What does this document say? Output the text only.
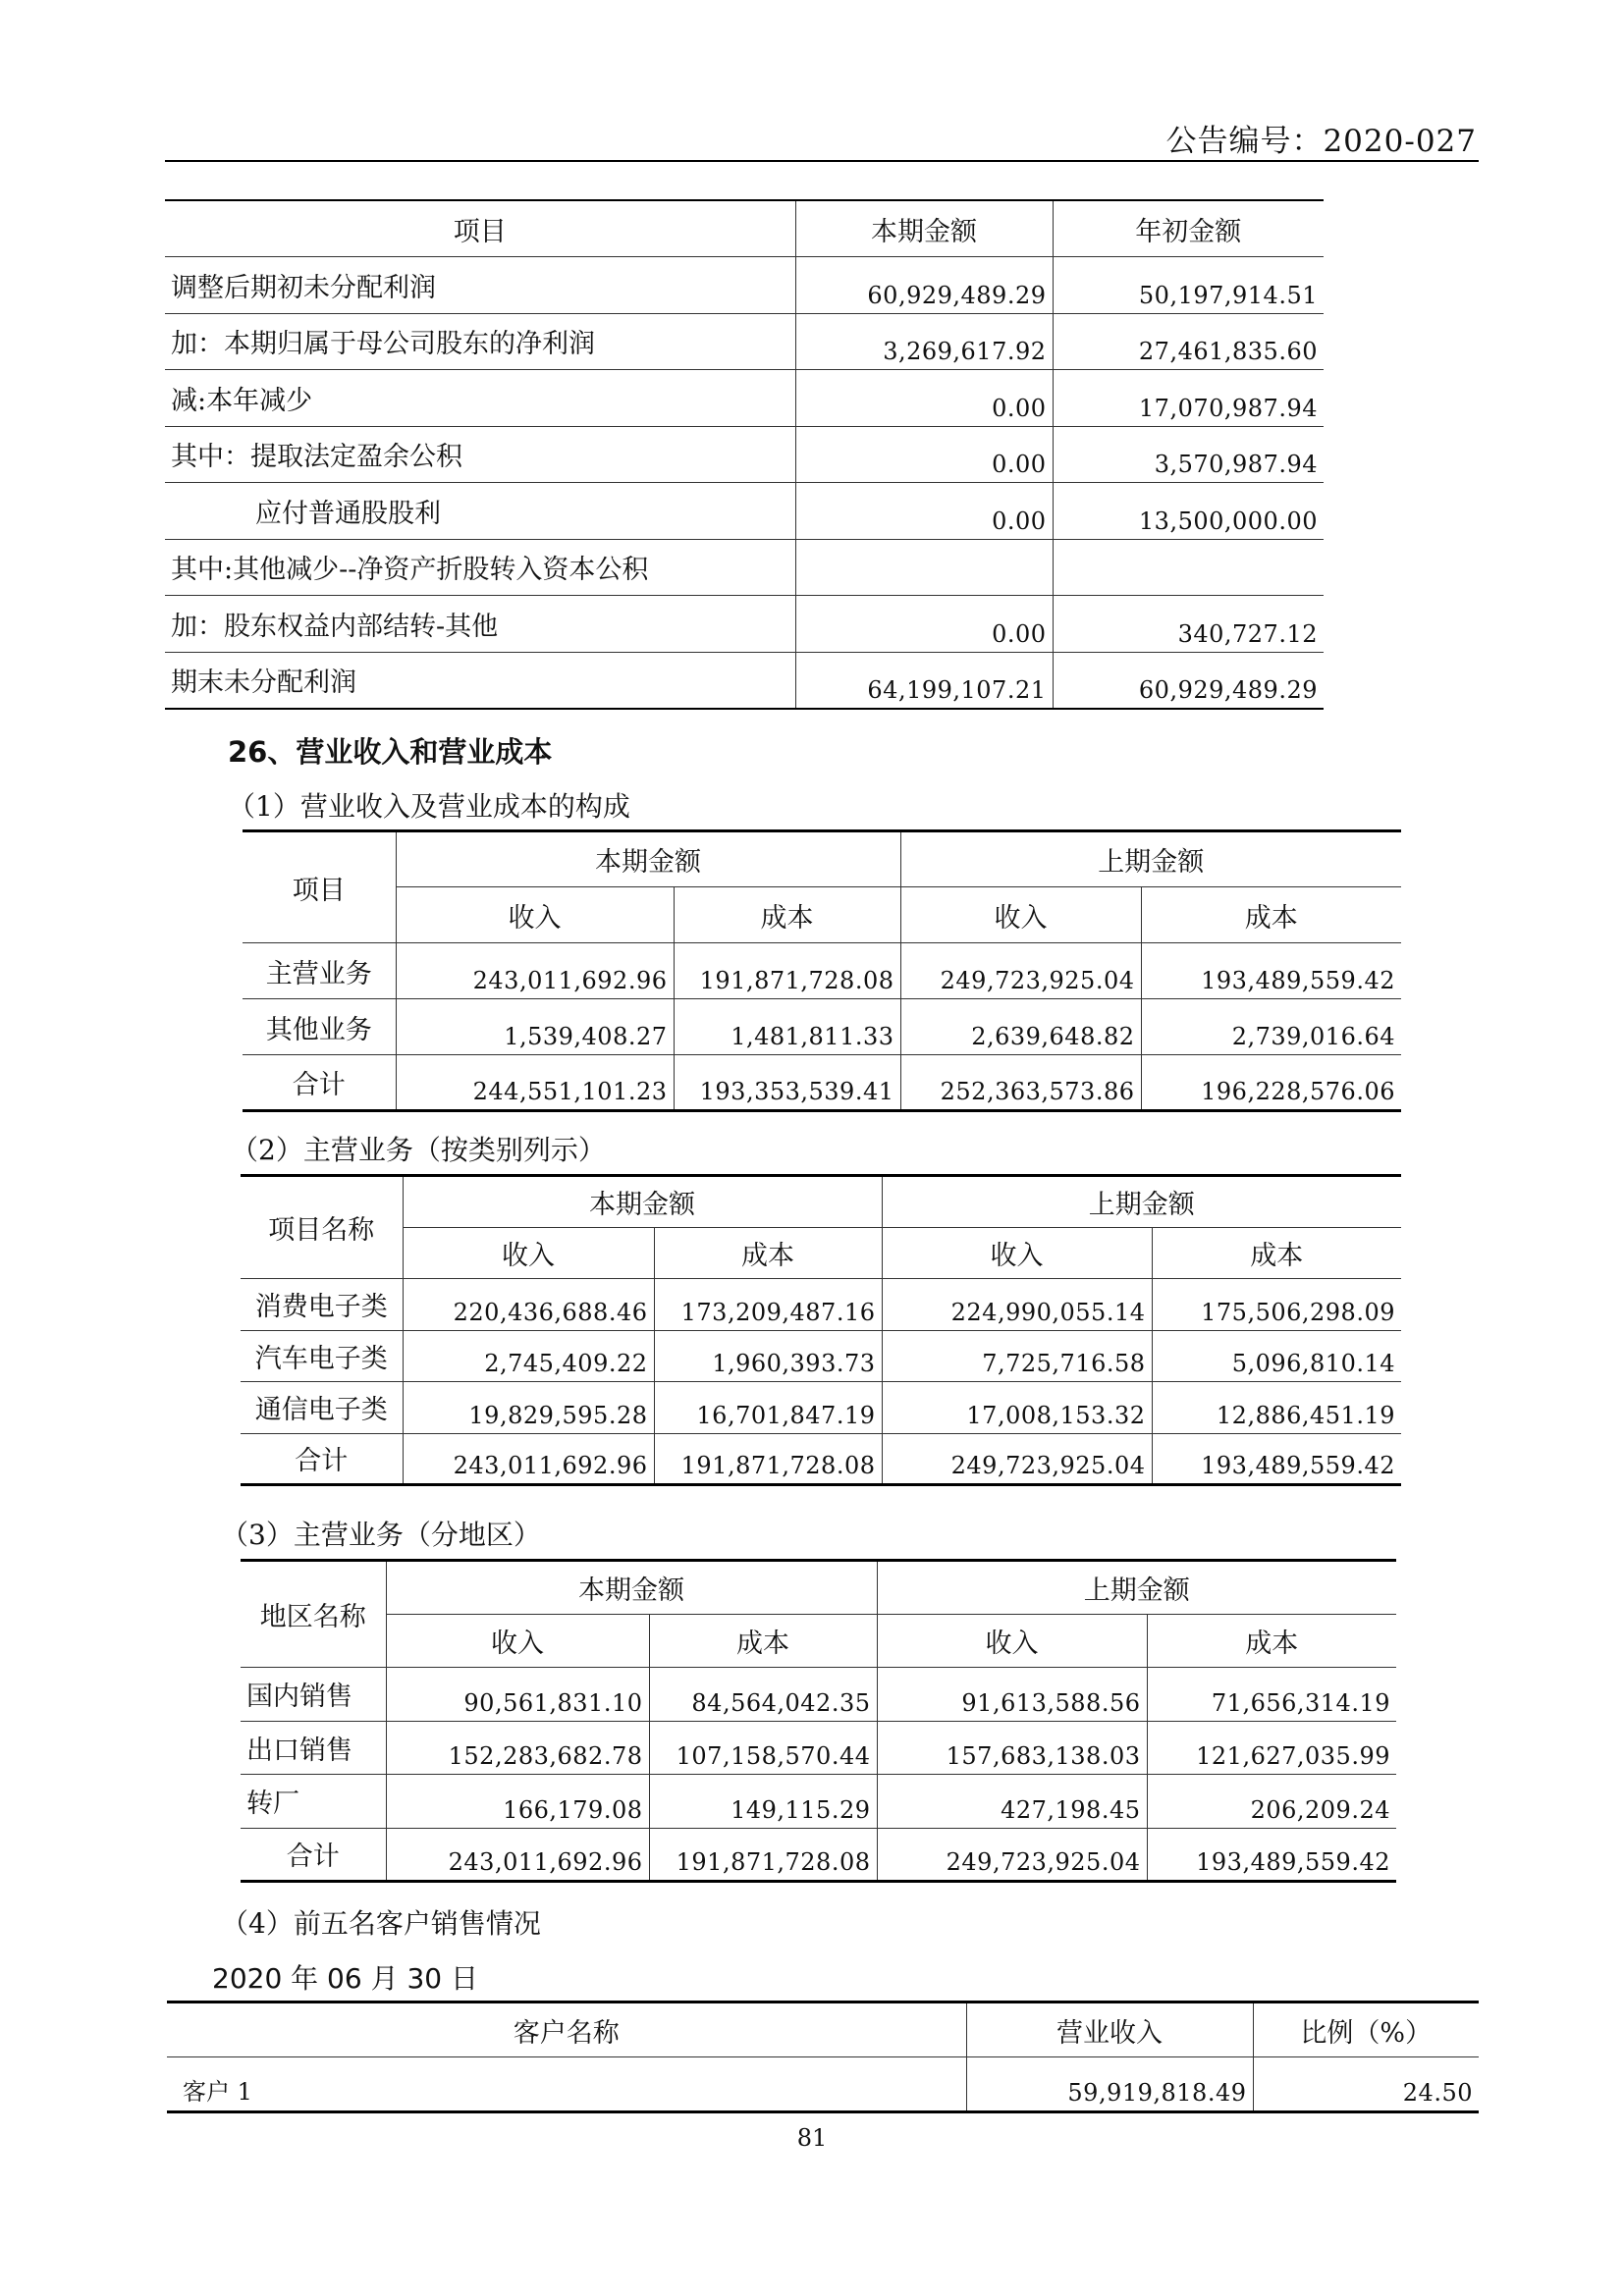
公告编号：2020-027
项目	本期金额	年初金额
调整后期初未分配利润	60,929,489.29	50,197,914.51
加：本期归属于母公司股东的净利润	3,269,617.92	27,461,835.60
减:本年减少	0.00	17,070,987.94
其中：提取法定盈余公积	0.00	3,570,987.94
应付普通股股利	0.00	13,500,000.00
其中:其他减少--净资产折股转入资本公积		
加：股东权益内部结转-其他	0.00	340,727.12
期末未分配利润	64,199,107.21	60,929,489.29
26、营业收入和营业成本
（1）营业收入及营业成本的构成
项目	本期金额		上期金额	
	收入	成本	收入	成本
主营业务	243,011,692.96	191,871,728.08	249,723,925.04	193,489,559.42
其他业务	1,539,408.27	1,481,811.33	2,639,648.82	2,739,016.64
合计	244,551,101.23	193,353,539.41	252,363,573.86	196,228,576.06
（2）主营业务（按类别列示）
项目名称	本期金额		上期金额	
	收入	成本	收入	成本
消费电子类	220,436,688.46	173,209,487.16	224,990,055.14	175,506,298.09
汽车电子类	2,745,409.22	1,960,393.73	7,725,716.58	5,096,810.14
通信电子类	19,829,595.28	16,701,847.19	17,008,153.32	12,886,451.19
合计	243,011,692.96	191,871,728.08	249,723,925.04	193,489,559.42
（3）主营业务（分地区）
地区名称	本期金额		上期金额	
	收入	成本	收入	成本
国内销售	90,561,831.10	84,564,042.35	91,613,588.56	71,656,314.19
出口销售	152,283,682.78	107,158,570.44	157,683,138.03	121,627,035.99
转厂	166,179.08	149,115.29	427,198.45	206,209.24
合计	243,011,692.96	191,871,728.08	249,723,925.04	193,489,559.42
（4）前五名客户销售情况
2020 年 06 月 30 日
客户名称	营业收入	比例（%）
客户 1	59,919,818.49	24.50
81
